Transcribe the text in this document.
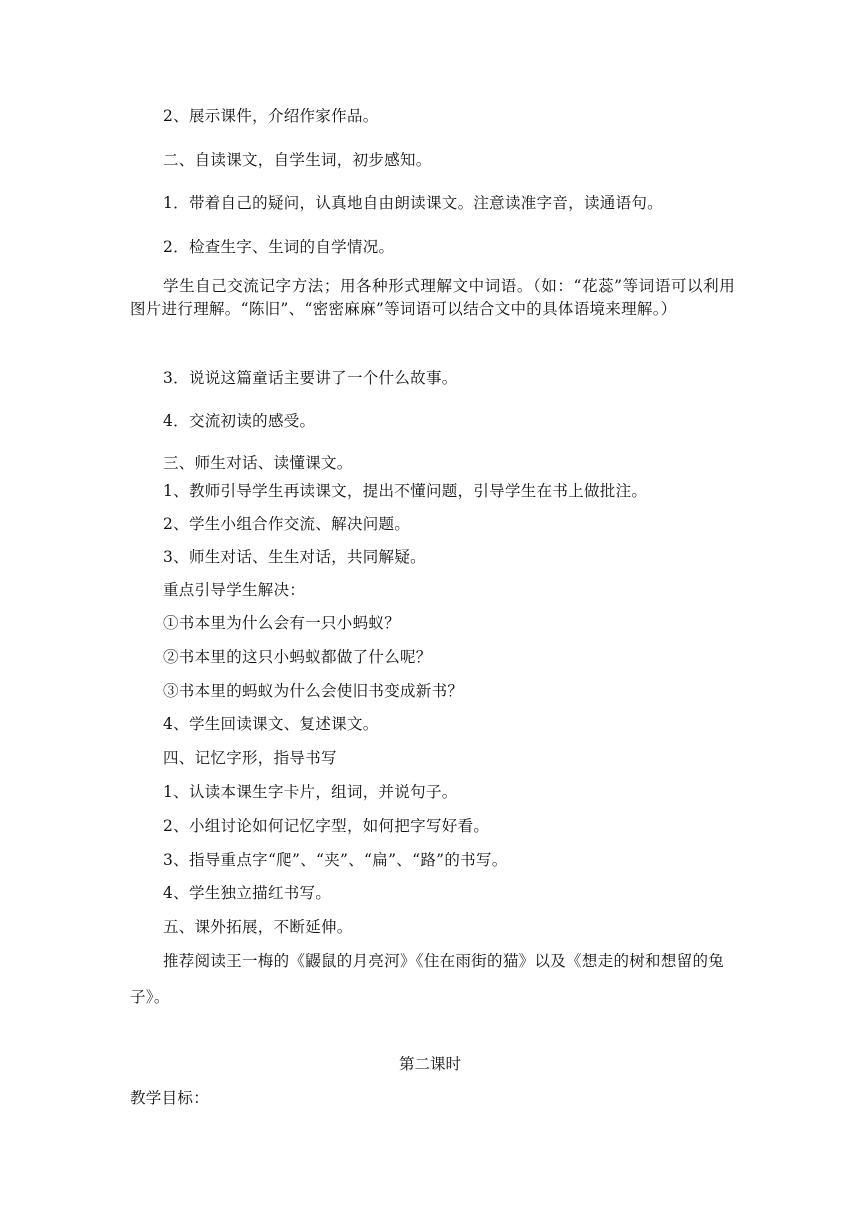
2、展示课件，介绍作家作品。
二、自读课文，自学生词，初步感知。
1．带着自己的疑问，认真地自由朗读课文。注意读准字音，读通语句。
2．检查生字、生词的自学情况。
学生自己交流记字方法；用各种形式理解文中词语。（如：“花蕊”等词语可以利用图片进行理解。“陈旧”、“密密麻麻”等词语可以结合文中的具体语境来理解。）
3．说说这篇童话主要讲了一个什么故事。
4．交流初读的感受。
三、师生对话、读懂课文。
1、教师引导学生再读课文，提出不懂问题，引导学生在书上做批注。
2、学生小组合作交流、解决问题。
3、师生对话、生生对话，共同解疑。
重点引导学生解决：
①书本里为什么会有一只小蚂蚁？
②书本里的这只小蚂蚁都做了什么呢？
③书本里的蚂蚁为什么会使旧书变成新书？
4、学生回读课文、复述课文。
四、记忆字形，指导书写
1、认读本课生字卡片，组词，并说句子。
2、小组讨论如何记忆字型，如何把字写好看。
3、指导重点字“爬”、“夹”、“扁”、“路”的书写。
4、学生独立描红书写。
五、课外拓展，不断延伸。
推荐阅读王一梅的《鼹鼠的月亮河》《住在雨街的猫》以及《想走的树和想留的兔子》。
第二课时
教学目标：
